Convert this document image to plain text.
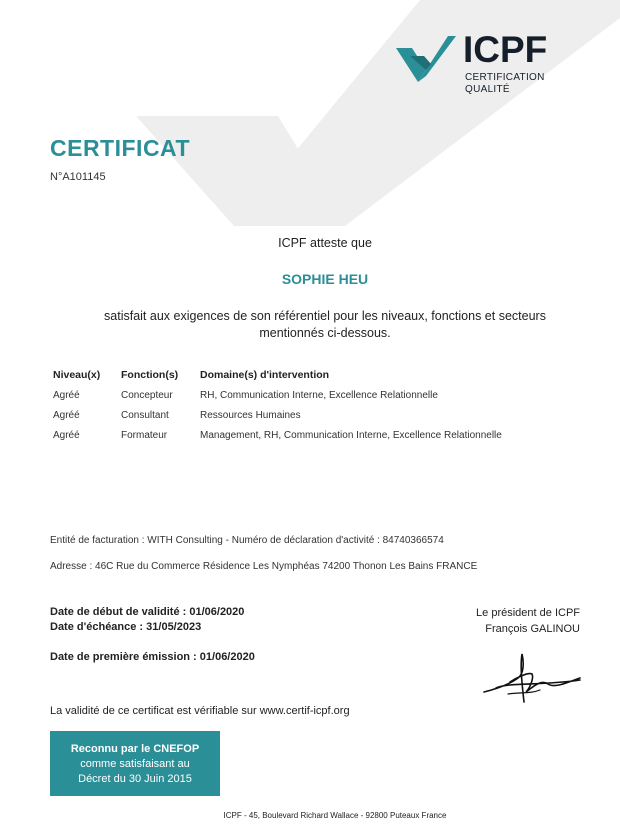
ICPF
CERTIFICATION
QUALITÉ
CERTIFICAT
N°A101145
ICPF atteste que
SOPHIE HEU
satisfait aux exigences de son référentiel pour les niveaux, fonctions et secteurs mentionnés ci-dessous.
Niveau(x)	Fonction(s)	Domaine(s) d'intervention
Agréé	Concepteur	RH, Communication Interne, Excellence Relationnelle
Agréé	Consultant	Ressources Humaines
Agréé	Formateur	Management, RH, Communication Interne, Excellence Relationnelle
Entité de facturation : WITH Consulting - Numéro de déclaration d'activité : 84740366574
Adresse : 46C Rue du Commerce Résidence Les Nymphéas 74200 Thonon Les Bains FRANCE
Date de début de validité : 01/06/2020
Date d'échéance : 31/05/2023
Date de première émission : 01/06/2020
Le président de ICPF
François GALINOU
La validité de ce certificat est vérifiable sur www.certif-icpf.org
Reconnu par le CNEFOP
comme satisfaisant au
Décret du 30 Juin 2015
ICPF - 45, Boulevard Richard Wallace - 92800 Puteaux France
